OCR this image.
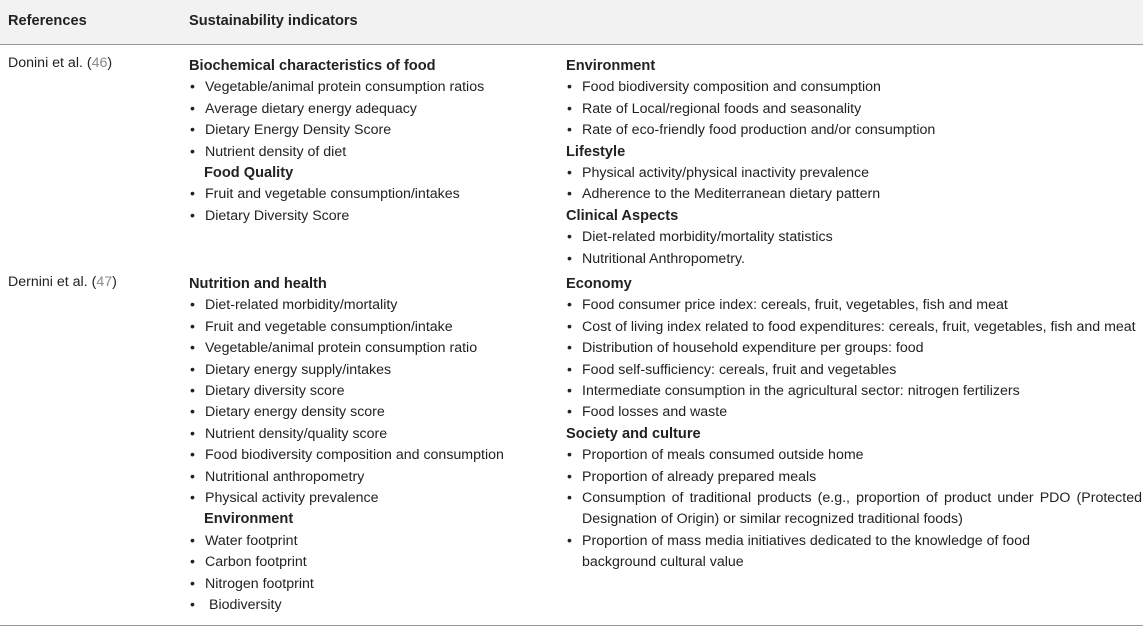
References	Sustainability indicators
Donini et al. (46)	Biochemical characteristics of food
• Vegetable/animal protein consumption ratios
• Average dietary energy adequacy
• Dietary Energy Density Score
• Nutrient density of diet
Food Quality
• Fruit and vegetable consumption/intakes
• Dietary Diversity Score
Environment
• Food biodiversity composition and consumption
• Rate of Local/regional foods and seasonality
• Rate of eco-friendly food production and/or consumption
Lifestyle
• Physical activity/physical inactivity prevalence
• Adherence to the Mediterranean dietary pattern
Clinical Aspects
• Diet-related morbidity/mortality statistics
• Nutritional Anthropometry.
Dernini et al. (47)	Nutrition and health
• Diet-related morbidity/mortality
• Fruit and vegetable consumption/intake
• Vegetable/animal protein consumption ratio
• Dietary energy supply/intakes
• Dietary diversity score
• Dietary energy density score
• Nutrient density/quality score
• Food biodiversity composition and consumption
• Nutritional anthropometry
• Physical activity prevalence
Environment
• Water footprint
• Carbon footprint
• Nitrogen footprint
• Biodiversity
Economy
• Food consumer price index: cereals, fruit, vegetables, fish and meat
• Cost of living index related to food expenditures: cereals, fruit, vegetables, fish and meat
• Distribution of household expenditure per groups: food
• Food self-sufficiency: cereals, fruit and vegetables
• Intermediate consumption in the agricultural sector: nitrogen fertilizers
• Food losses and waste
Society and culture
• Proportion of meals consumed outside home
• Proportion of already prepared meals
• Consumption of traditional products (e.g., proportion of product under PDO (Protected Designation of Origin) or similar recognized traditional foods)
• Proportion of mass media initiatives dedicated to the knowledge of food background cultural value
